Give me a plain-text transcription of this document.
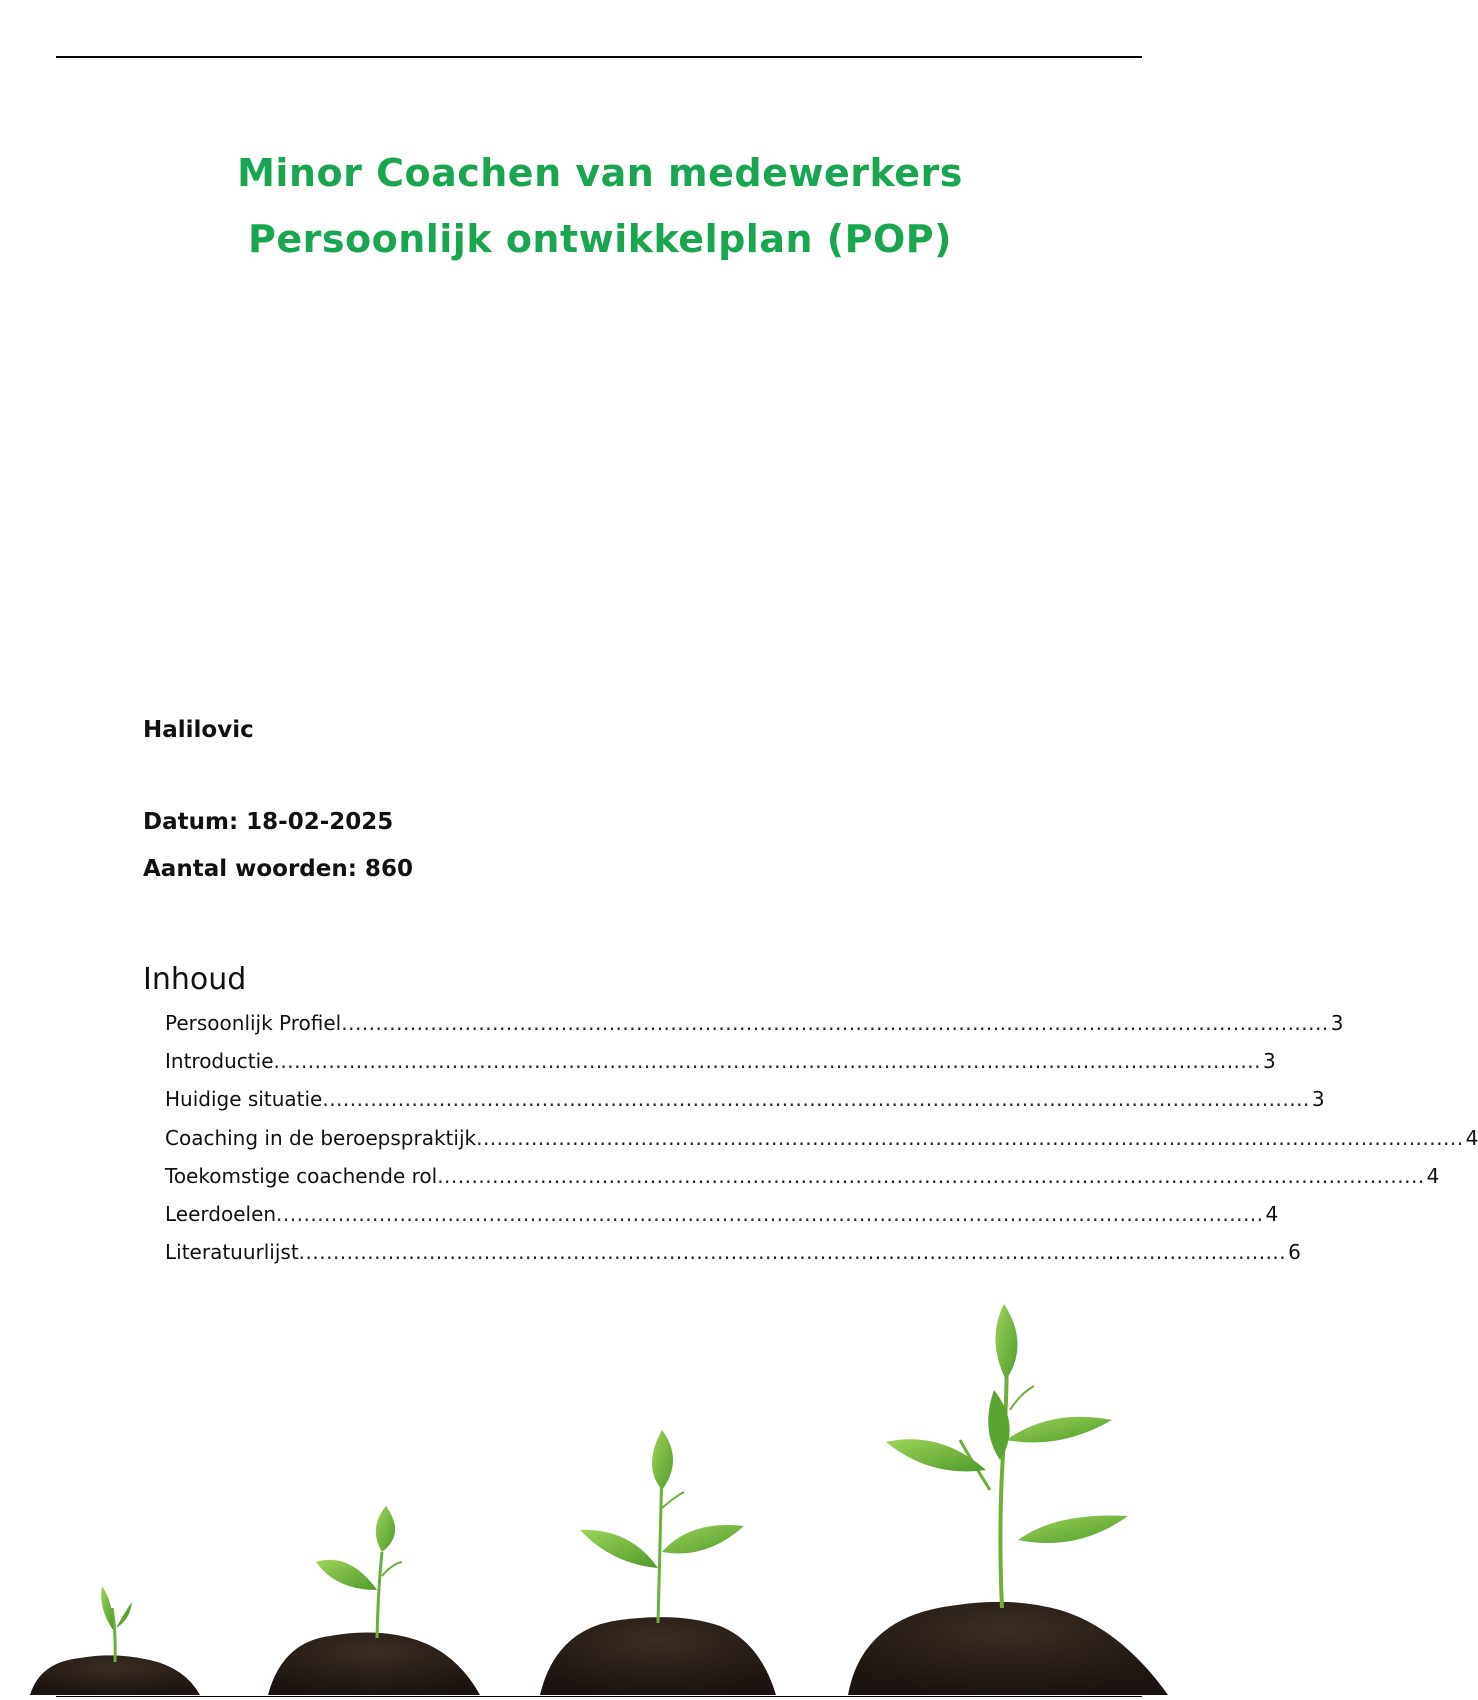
Minor Coachen van medewerkers
Persoonlijk ontwikkelplan (POP)
Halilovic
Datum: 18-02-2025
Aantal woorden: 860
Inhoud
Persoonlijk Profiel ................................................................................................................................................ 3
Introductie ................................................................................................................................................ 3
Huidige situatie ................................................................................................................................................ 3
Coaching in de beroepspraktijk ................................................................................................................................................ 4
Toekomstige coachende rol ................................................................................................................................................ 4
Leerdoelen ................................................................................................................................................ 4
Literatuurlijst ................................................................................................................................................ 6
